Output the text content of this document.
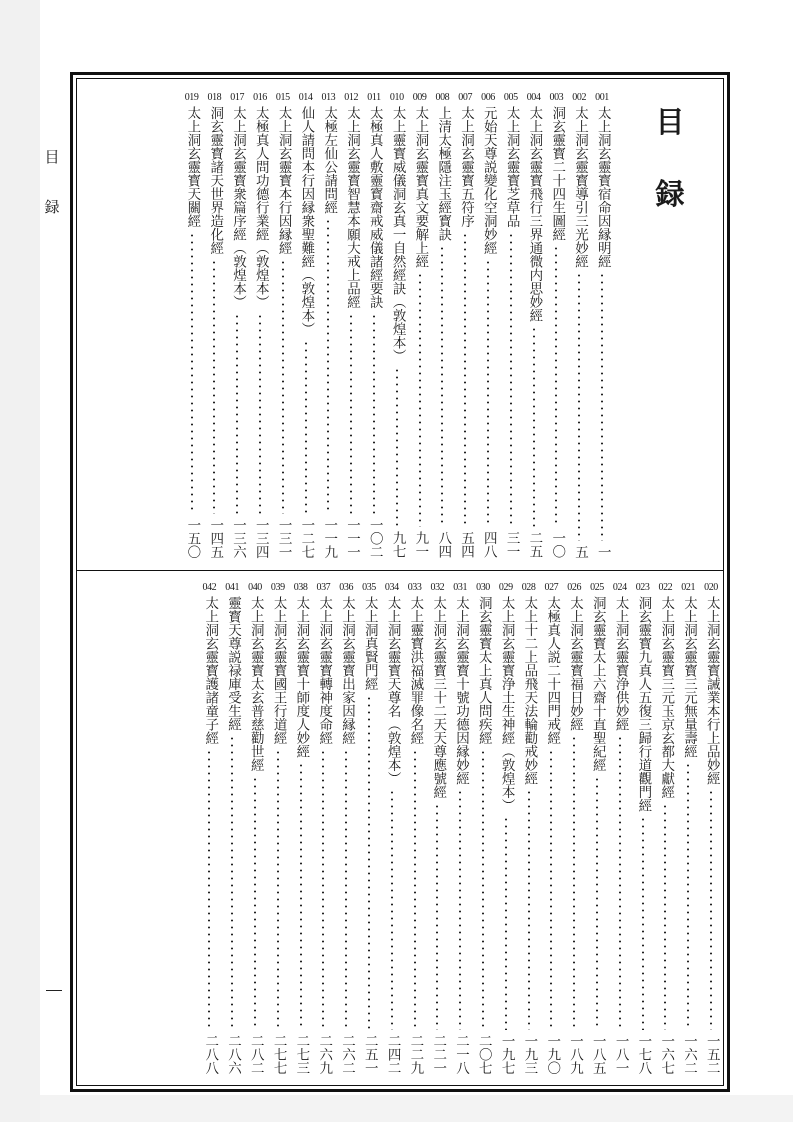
目
録
目
録
001
太上洞玄靈寳宿命因縁明經
一
002
太上洞玄靈寳導引三光妙經
五
003
洞玄靈寳二十四生圖經
一〇
004
太上洞玄靈寳飛行三界通微内思妙經
二五
005
太上洞玄靈寳芝草品
三一
006
元始天尊説變化空洞妙經
四八
007
太上洞玄靈寳五符序
五四
008
上清太極隱注玉經寳訣
八四
009
太上洞玄靈寳真文要解上經
九一
010
太上靈寳威儀洞玄真一自然經訣（敦煌本）
九七
011
太極真人敷靈寳齋戒威儀諸經要訣
一〇二
012
太上洞玄靈寳智慧本願大戒上品經
一一一
013
太極左仙公請問經
一一九
014
仙人請問本行因縁衆聖難經（敦煌本）
一二七
015
太上洞玄靈寳本行因縁經
一三一
016
太極真人問功德行業經（敦煌本）
一三四
017
太上洞玄靈寳衆篇序經（敦煌本）
一三六
018
洞玄靈寳諸天世界造化經
一四五
019
太上洞玄靈寳天關經
一五〇
020
太上洞玄靈寳誡業本行上品妙經
一五二
021
太上洞玄靈寳三元無量壽經
一六二
022
太上洞玄靈寳三元玉京玄都大獻經
一六七
023
洞玄靈寳九真人五復三歸行道觀門經
一七八
024
太上洞玄靈寳浄供妙經
一八一
025
洞玄靈寳太上六齋十直聖紀經
一八五
026
太上洞玄靈寳福日妙經
一八九
027
太極真人説二十四門戒經
一九〇
028
太上十二上品飛天法輪勸戒妙經
一九三
029
太上洞玄靈寳浄土生神經（敦煌本）
一九七
030
洞玄靈寳太上真人問疾經
二〇七
031
太上洞玄靈寳十號功德因縁妙經
二一八
032
太上洞玄靈寳三十二天天尊應號經
二二一
033
太上靈寳洪福滅罪像名經
二二九
034
太上洞玄靈寳天尊名（敦煌本）
二四二
035
太上洞真賢門經
二五一
036
太上洞玄靈寳出家因縁經
二六二
037
太上洞玄靈寳轉神度命經
二六九
038
太上洞玄靈寳十師度人妙經
二七三
039
太上洞玄靈寳國王行道經
二七七
040
太上洞玄靈寳太玄普慈勸世經
二八二
041
靈寳天尊説禄庫受生經
二八六
042
太上洞玄靈寳護諸童子經
二八八
